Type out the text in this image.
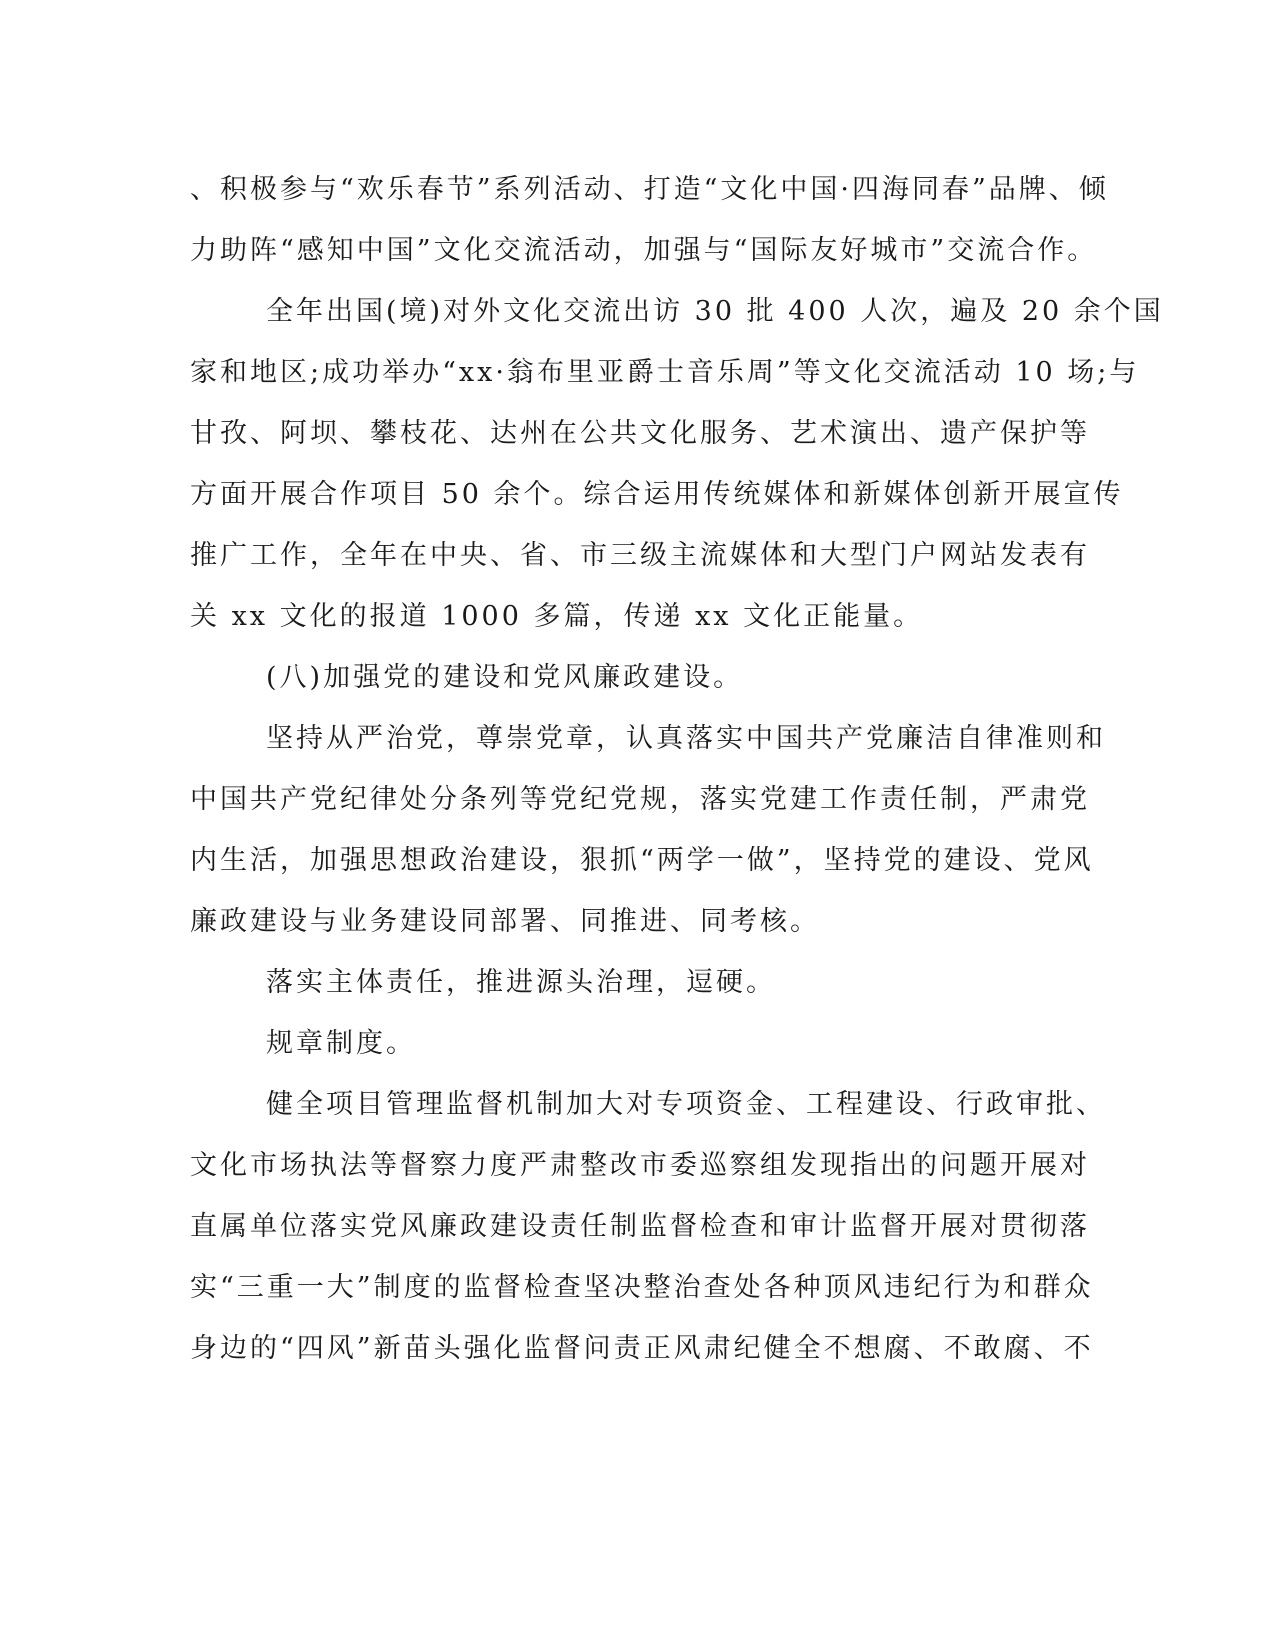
、积极参与“欢乐春节”系列活动、打造“文化中国·四海同春”品牌、倾
力助阵“感知中国”文化交流活动，加强与“国际友好城市”交流合作。
全年出国(境)对外文化交流出访 30 批 400 人次，遍及 20 余个国
家和地区;成功举办“xx·翁布里亚爵士音乐周”等文化交流活动 10 场;与
甘孜、阿坝、攀枝花、达州在公共文化服务、艺术演出、遗产保护等
方面开展合作项目 50 余个。综合运用传统媒体和新媒体创新开展宣传
推广工作，全年在中央、省、市三级主流媒体和大型门户网站发表有
关 xx 文化的报道 1000 多篇，传递 xx 文化正能量。
(八)加强党的建设和党风廉政建设。
坚持从严治党，尊崇党章，认真落实中国共产党廉洁自律准则和
中国共产党纪律处分条列等党纪党规，落实党建工作责任制，严肃党
内生活，加强思想政治建设，狠抓“两学一做”，坚持党的建设、党风
廉政建设与业务建设同部署、同推进、同考核。
落实主体责任，推进源头治理，逗硬。
规章制度。
健全项目管理监督机制加大对专项资金、工程建设、行政审批、
文化市场执法等督察力度严肃整改市委巡察组发现指出的问题开展对
直属单位落实党风廉政建设责任制监督检查和审计监督开展对贯彻落
实“三重一大”制度的监督检查坚决整治查处各种顶风违纪行为和群众
身边的“四风”新苗头强化监督问责正风肃纪健全不想腐、不敢腐、不
